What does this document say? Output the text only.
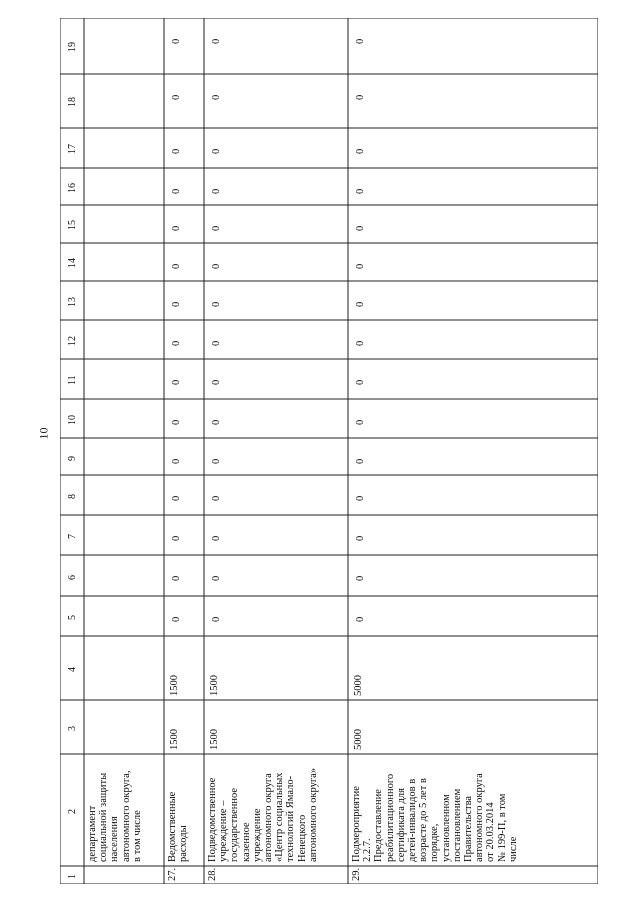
10
1
2
3
4
5
6
7
8
9
10
11
12
13
14
15
16
17
18
19
департамент социальной защиты населения автономного округа, в том числе
27.
Ведомственные расходы
1500
1500
0
0
0
0
0
0
0
0
0
0
0
0
0
0
0
28.
Подведомственное учреждение – государственное казенное учреждение автономного округа «Центр социальных технологий Ямало- Ненецкого автономного округа»
1500
1500
0
0
0
0
0
0
0
0
0
0
0
0
0
0
0
29.
Подмероприятие 2.2.7. Предоставление реабилитационного сертификата для детей-инвалидов в возрасте до 5 лет в порядке, установленном постановлением Правительства автономного округа от 20.03.2014 № 199-П, в том числе
5000
5000
0
0
0
0
0
0
0
0
0
0
0
0
0
0
0
